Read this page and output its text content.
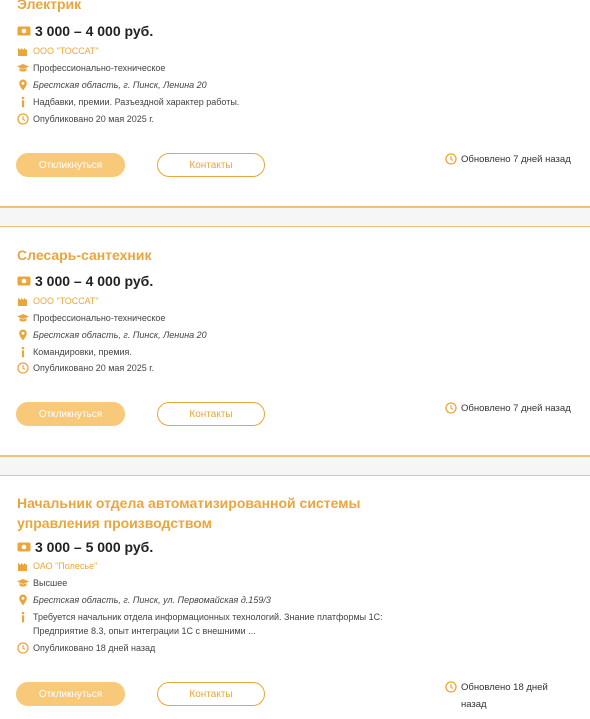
Электрик
3 000 – 4 000 руб.
ООО "ТОССАТ"
Профессионально-техническое
Брестская область, г. Пинск, Ленина 20
Надбавки, премии. Разъездной характер работы.
Опубликовано 20 мая 2025 г.
Откликнуться	Контакты	Обновлено 7 дней назад
Слесарь-сантехник
3 000 – 4 000 руб.
ООО "ТОССАТ"
Профессионально-техническое
Брестская область, г. Пинск, Ленина 20
Командировки, премия.
Опубликовано 20 мая 2025 г.
Откликнуться	Контакты	Обновлено 7 дней назад
Начальник отдела автоматизированной системы управления производством
3 000 – 5 000 руб.
ОАО "Полесье"
Высшее
Брестская область, г. Пинск, ул. Первомайская д.159/3
Требуется начальник отдела информационных технологий. Знание платформы 1С: Предприятие 8.3, опыт интеграции 1С с внешними ...
Опубликовано 18 дней назад
Откликнуться	Контакты
Обновлено 18 дней назад
